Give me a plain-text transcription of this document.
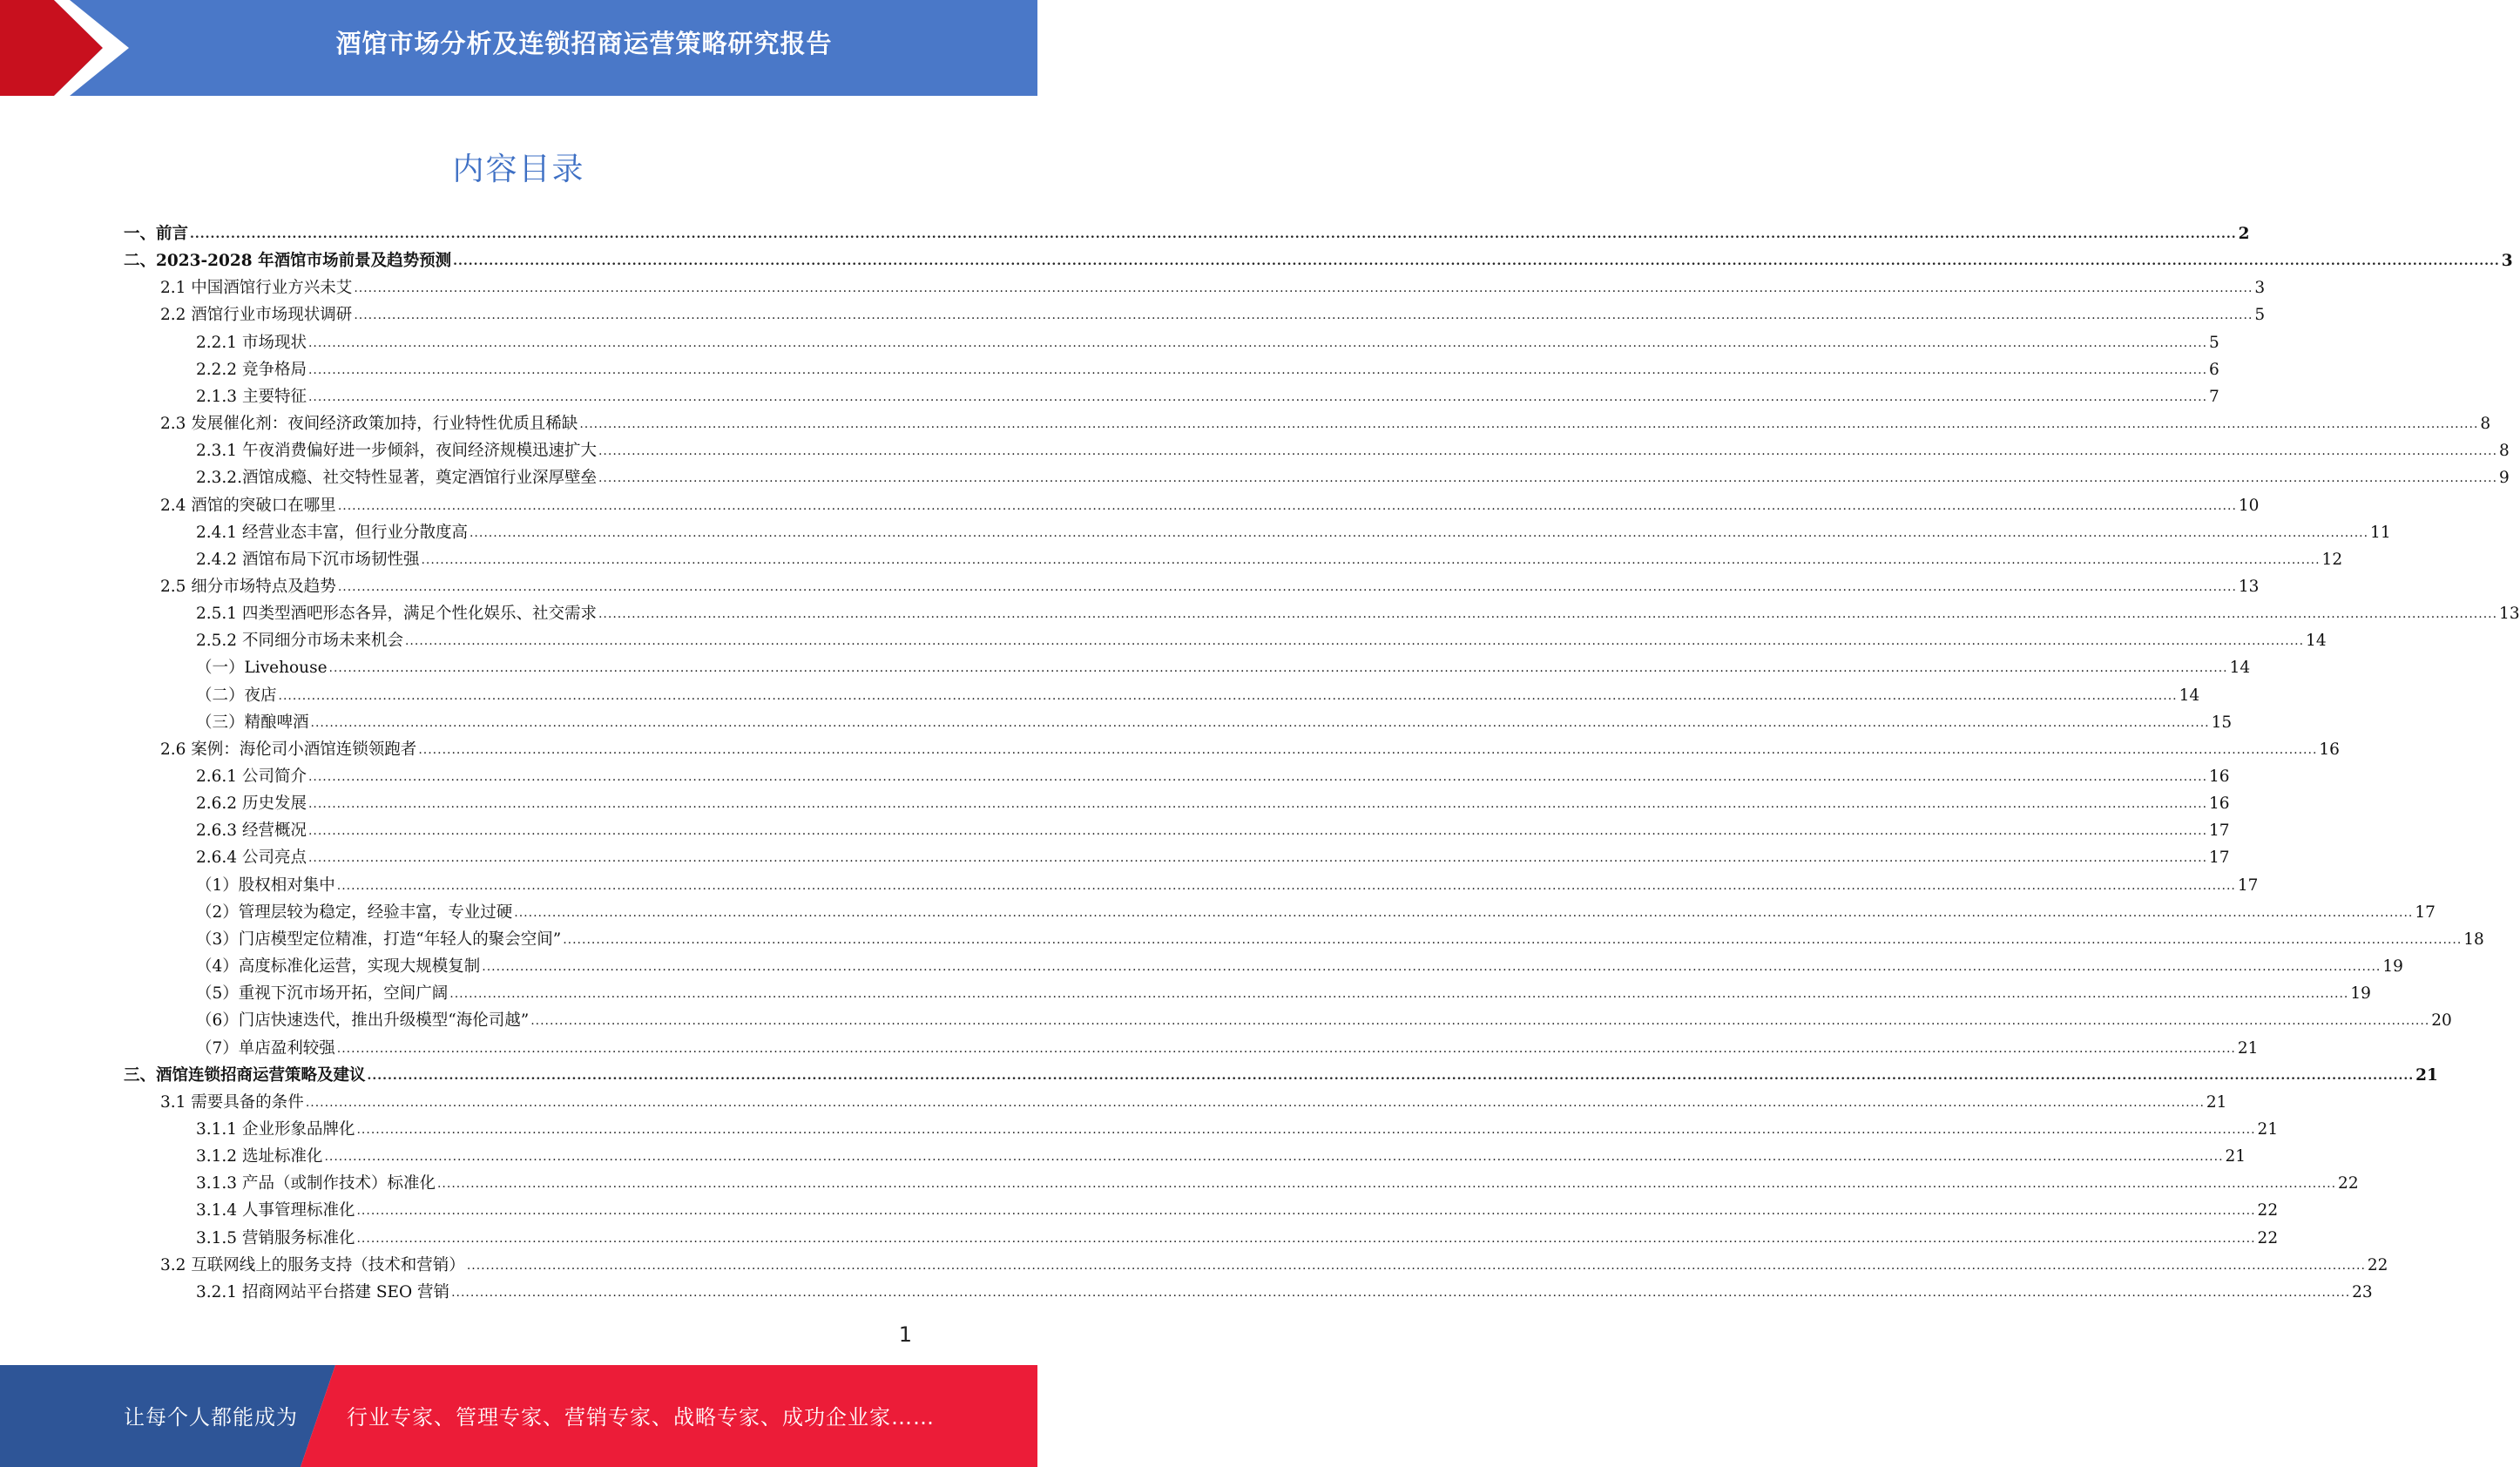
酒馆市场分析及连锁招商运营策略研究报告
内容目录
一、前言 ................................................................................................................................................................................................................................................................................................................................................................................................................ 2
二、2023-2028 年酒馆市场前景及趋势预测 ................................................................................................................................................................................................................................................................................................................................................................................................................ 3
2.1 中国酒馆行业方兴未艾 ................................................................................................................................................................................................................................................................................................................................................................................................................ 3
2.2 酒馆行业市场现状调研 ................................................................................................................................................................................................................................................................................................................................................................................................................ 5
2.2.1 市场现状 ................................................................................................................................................................................................................................................................................................................................................................................................................ 5
2.2.2 竞争格局 ................................................................................................................................................................................................................................................................................................................................................................................................................ 6
2.1.3 主要特征 ................................................................................................................................................................................................................................................................................................................................................................................................................ 7
2.3 发展催化剂：夜间经济政策加持，行业特性优质且稀缺 ................................................................................................................................................................................................................................................................................................................................................................................................................ 8
2.3.1 午夜消费偏好进一步倾斜，夜间经济规模迅速扩大 ................................................................................................................................................................................................................................................................................................................................................................................................................ 8
2.3.2.酒馆成瘾、社交特性显著，奠定酒馆行业深厚壁垒 ................................................................................................................................................................................................................................................................................................................................................................................................................ 9
2.4 酒馆的突破口在哪里 ................................................................................................................................................................................................................................................................................................................................................................................................................ 10
2.4.1 经营业态丰富，但行业分散度高 ................................................................................................................................................................................................................................................................................................................................................................................................................ 11
2.4.2 酒馆布局下沉市场韧性强 ................................................................................................................................................................................................................................................................................................................................................................................................................ 12
2.5 细分市场特点及趋势 ................................................................................................................................................................................................................................................................................................................................................................................................................ 13
2.5.1 四类型酒吧形态各异，满足个性化娱乐、社交需求 ................................................................................................................................................................................................................................................................................................................................................................................................................ 13
2.5.2 不同细分市场未来机会 ................................................................................................................................................................................................................................................................................................................................................................................................................ 14
（一）Livehouse ................................................................................................................................................................................................................................................................................................................................................................................................................ 14
（二）夜店 ................................................................................................................................................................................................................................................................................................................................................................................................................ 14
（三）精酿啤酒 ................................................................................................................................................................................................................................................................................................................................................................................................................ 15
2.6 案例：海伦司小酒馆连锁领跑者 ................................................................................................................................................................................................................................................................................................................................................................................................................ 16
2.6.1 公司简介 ................................................................................................................................................................................................................................................................................................................................................................................................................ 16
2.6.2 历史发展 ................................................................................................................................................................................................................................................................................................................................................................................................................ 16
2.6.3 经营概况 ................................................................................................................................................................................................................................................................................................................................................................................................................ 17
2.6.4 公司亮点 ................................................................................................................................................................................................................................................................................................................................................................................................................ 17
（1）股权相对集中 ................................................................................................................................................................................................................................................................................................................................................................................................................ 17
（2）管理层较为稳定，经验丰富，专业过硬 ................................................................................................................................................................................................................................................................................................................................................................................................................ 17
（3）门店模型定位精准，打造“年轻人的聚会空间” ................................................................................................................................................................................................................................................................................................................................................................................................................ 18
（4）高度标准化运营，实现大规模复制 ................................................................................................................................................................................................................................................................................................................................................................................................................ 19
（5）重视下沉市场开拓，空间广阔 ................................................................................................................................................................................................................................................................................................................................................................................................................ 19
（6）门店快速迭代，推出升级模型“海伦司越” ................................................................................................................................................................................................................................................................................................................................................................................................................ 20
（7）单店盈利较强 ................................................................................................................................................................................................................................................................................................................................................................................................................ 21
三、酒馆连锁招商运营策略及建议 ................................................................................................................................................................................................................................................................................................................................................................................................................ 21
3.1 需要具备的条件 ................................................................................................................................................................................................................................................................................................................................................................................................................ 21
3.1.1 企业形象品牌化 ................................................................................................................................................................................................................................................................................................................................................................................................................ 21
3.1.2 选址标准化 ................................................................................................................................................................................................................................................................................................................................................................................................................ 21
3.1.3 产品（或制作技术）标准化 ................................................................................................................................................................................................................................................................................................................................................................................................................ 22
3.1.4 人事管理标准化 ................................................................................................................................................................................................................................................................................................................................................................................................................ 22
3.1.5 营销服务标准化 ................................................................................................................................................................................................................................................................................................................................................................................................................ 22
3.2 互联网线上的服务支持（技术和营销） ................................................................................................................................................................................................................................................................................................................................................................................................................ 22
3.2.1 招商网站平台搭建 SEO 营销 ................................................................................................................................................................................................................................................................................................................................................................................................................ 23
1
让每个人都能成为 行业专家、管理专家、营销专家、战略专家、成功企业家……
